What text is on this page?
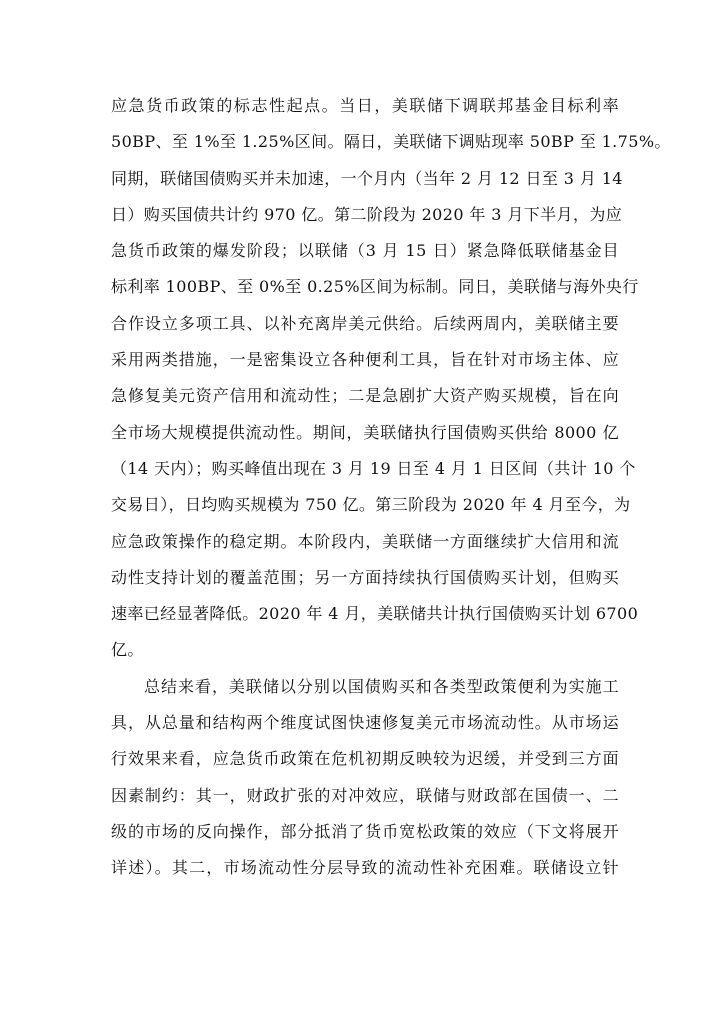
应急货币政策的标志性起点。当日，美联储下调联邦基金目标利率
50BP、至 1%至 1.25%区间。隔日，美联储下调贴现率 50BP 至 1.75%。
同期，联储国债购买并未加速，一个月内（当年 2 月 12 日至 3 月 14
日）购买国债共计约 970 亿。第二阶段为 2020 年 3 月下半月，为应
急货币政策的爆发阶段；以联储（3 月 15 日）紧急降低联储基金目
标利率 100BP、至 0%至 0.25%区间为标制。同日，美联储与海外央行
合作设立多项工具、以补充离岸美元供给。后续两周内，美联储主要
采用两类措施，一是密集设立各种便利工具，旨在针对市场主体、应
急修复美元资产信用和流动性；二是急剧扩大资产购买规模，旨在向
全市场大规模提供流动性。期间，美联储执行国债购买供给 8000 亿
（14 天内）；购买峰值出现在 3 月 19 日至 4 月 1 日区间（共计 10 个
交易日），日均购买规模为 750 亿。第三阶段为 2020 年 4 月至今，为
应急政策操作的稳定期。本阶段内，美联储一方面继续扩大信用和流
动性支持计划的覆盖范围；另一方面持续执行国债购买计划，但购买
速率已经显著降低。2020 年 4 月，美联储共计执行国债购买计划 6700
亿。
总结来看，美联储以分别以国债购买和各类型政策便利为实施工
具，从总量和结构两个维度试图快速修复美元市场流动性。从市场运
行效果来看，应急货币政策在危机初期反映较为迟缓，并受到三方面
因素制约：其一，财政扩张的对冲效应，联储与财政部在国债一、二
级的市场的反向操作，部分抵消了货币宽松政策的效应（下文将展开
详述）。其二，市场流动性分层导致的流动性补充困难。联储设立针
